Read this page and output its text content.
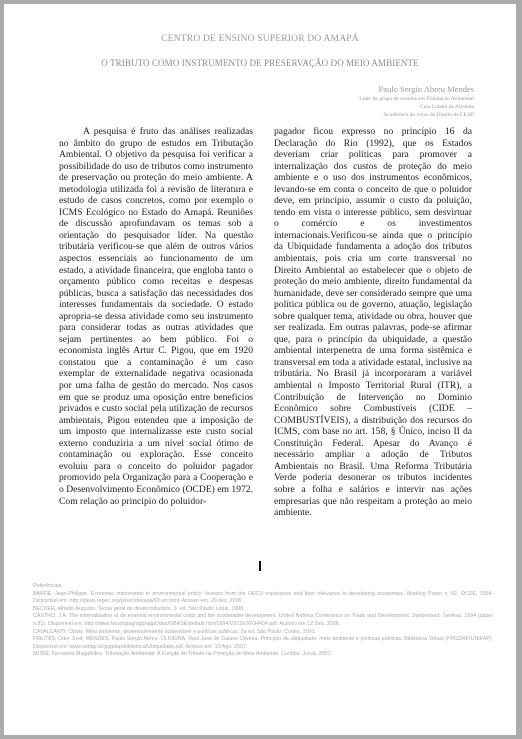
CENTRO DE ENSINO SUPERIOR DO AMAPÁ
O TRIBUTO COMO INSTRUMENTO DE PRESERVAÇÃO DO MEIO AMBIENTE
Paulo Sergio Abreu Mendes
Líder do grupo de estudos em Tributação Ambiental
Caio Lobato de Almeida
Acadêmico do curso de Direito da CEAP

A pesquisa é fruto das análises realizadas no âmbito do grupo de estudos em Tributação Ambiental. O objetivo da pesquisa foi verificar a possibilidade do uso de tributos como instrumento de preservação ou proteção do meio ambiente. A metodologia utilizada foi a revisão de literatura e estudo de casos concretos, como por exemplo o ICMS Ecológico no Estado do Amapá. Reuniões de discussão aprofundavam os temas sob a orientação do pesquisador líder. Na questão tributária verificou-se que além de outros vários aspectos essenciais ao funcionamento de um estado, a atividade financeira, que engloba tanto o orçamento público como receitas e despesas públicas, busca a satisfação das necessidades dos interesses fundamentais da sociedade. O estado apropria-se dessa atividade como seu instrumento para considerar todas as outras atividades que sejam pertinentes ao bem público. Foi o economista inglês Artur C. Pigou, que em 1920 constatou que a contaminação é um caso exemplar de externalidade negativa ocasionada por uma falha de gestão do mercado. Nos casos em que se produz uma oposição entre benefícios privados e custo social pela utilização de recursos ambientais, Pigou entendeu que a imposição de um imposto que internalizasse este custo social externo conduziria a um nível social ótimo de contaminação ou exploração. Esse conceito evoluiu para o conceito do poluidor pagador promovido pela Organização para a Cooperação e o Desenvolvimento Econômico (OCDE) em 1972. Com relação ao princípio do poluidor-

pagador ficou expresso no princípio 16 da Declaração do Rio (1992), que os Estados deveriam criar políticas para promover a internalização dos custos de proteção do meio ambiente e o uso dos instrumentos econômicos, levando-se em conta o conceito de que o poluidor deve, em princípio, assumir o custo da poluição, tendo em vista o interesse público, sem desvirtuar o comércio e os investimentos internacionais.Verificou-se ainda que o princípio da Ubiquidade fundamenta a adoção dos tributos ambientais, pois cria um corte transversal no Direito Ambiental ao estabelecer que o objeto de proteção do meio ambiente, direito fundamental da humanidade, deve ser considerado sempre que uma política pública ou de governo, atuação, legislação sobre qualquer tema, atividade ou obra, houver que ser realizada. Em outras palavras, pode-se afirmar que, para o princípio da ubiquidade, a questão ambiental interpenetra de uma forma sistêmica e transversal em toda a atividade estatal, inclusive na tributária. No Brasil já incorporaram a variável ambiental o Imposto Territorial Rural (ITR), a Contribuição de Intervenção no Domínio Econômico sobre Combustíveis (CIDE – COMBUSTÍVEIS), a distribuição dos recursos do ICMS, com base no art. 158, § Único, inciso II da Constituição Federal. Apesar do Avanço é necessário ampliar a adoção de Tributos Ambientais no Brasil. Uma Reforma Tributária Verde poderia desonerar os tributos incidentes sobre a folha e salários e intervir nas ações empresarias que não respeitam a proteção ao meio ambiente.

Referências:
BARDE, Jean-Philippe. Economic instruments in environmental policy: lessons from the OECD experience and their relevance to developing economies. Working Paper n. 92, OCDE, 1994. Disponível em: http://ideas.repec.org/p/oec/devaaa/92-en.html. Acesso em: 20 dez. 2006.
BECKER, Alfredo Augusto. Teoria geral do direito tributário. 3. ed. São Paulo: Lejus, 1998.
CASTRO, J.A. The internalization of de external environmental costs and the sustainable development. United Nations Conference on Trade and Development. Switzerland, Geneva, 1994 (paper n.81). Disponível em: http://www.fao.org/ag/agp/agpc/doc/GBASE/default.htm/1994/V2016/XF94434.pdf. Acesso em 12 Dez. 2006.
CAVALCANTI, Clóvis. Meio ambiente, desenvolvimento sustentável e políticas públicas. 2a ed. São Paulo: Cortez, 2001.
FREITAS, Oder José; MENDES, Paulo Sérgio Abreu; OLIVEIRA, Raul José de Galaxe Oliveira. Princípio da ubiquidade, meio ambiente e políticas públicas. Biblioteca Virtual (PPGDAP/UNIFAP). Disponível em: www.unifap.br/ppgdap/biblioteca/Ubiquidade.pdf. Acesso em: 10 Ago. 2007.
MODÉ, Fernando Magalhães. Tributação Ambiental: A Função do Tributo na Proteção do Meio Ambiente. Curitiba: Juruá, 2007.
